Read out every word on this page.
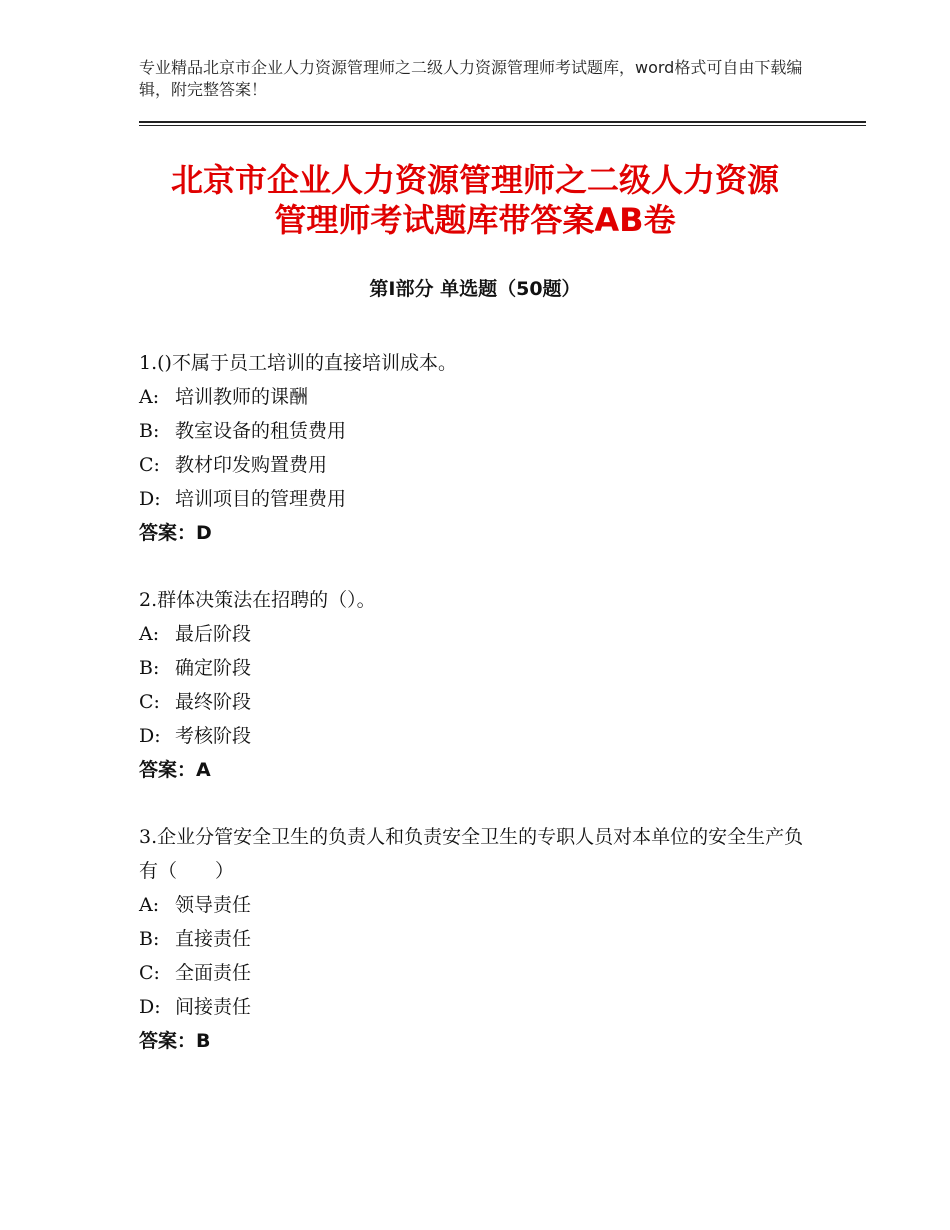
专业精品北京市企业人力资源管理师之二级人力资源管理师考试题库，word格式可自由下载编辑，附完整答案！
北京市企业人力资源管理师之二级人力资源
管理师考试题库带答案AB卷
第Ⅰ部分 单选题（50题）
1.()不属于员工培训的直接培训成本。
A: 培训教师的课酬
B: 教室设备的租赁费用
C: 教材印发购置费用
D: 培训项目的管理费用
答案：D
2.群体决策法在招聘的（）。
A: 最后阶段
B: 确定阶段
C: 最终阶段
D: 考核阶段
答案：A
3.企业分管安全卫生的负责人和负责安全卫生的专职人员对本单位的安全生产负有（　　）
A: 领导责任
B: 直接责任
C: 全面责任
D: 间接责任
答案：B
